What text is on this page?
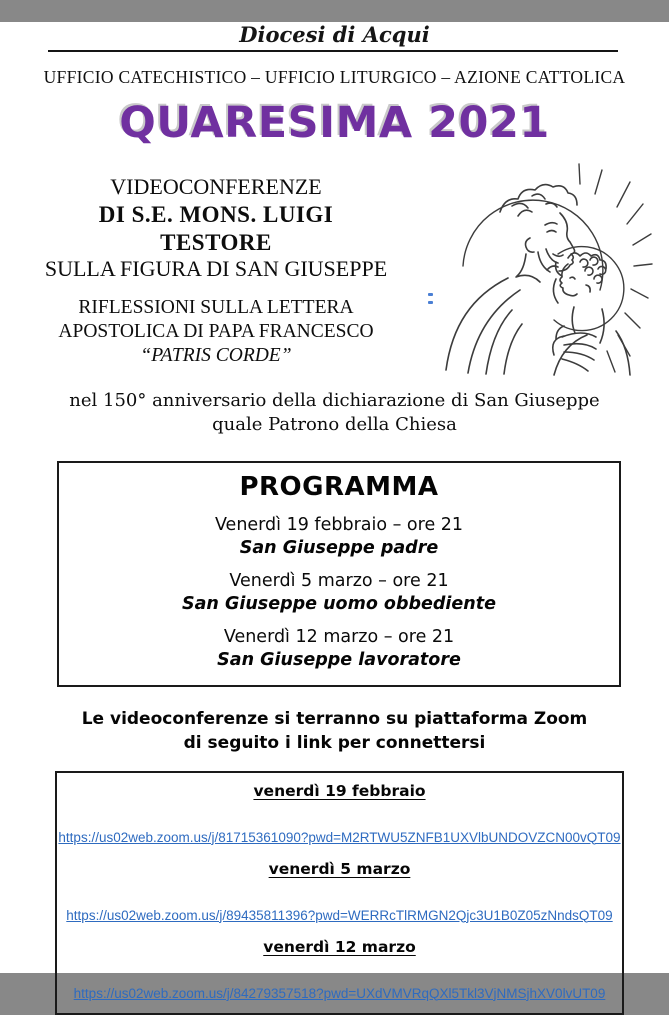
Diocesi di Acqui
UFFICIO CATECHISTICO – UFFICIO LITURGICO – AZIONE CATTOLICA
QUARESIMA 2021
VIDEOCONFERENZE
DI S.E. MONS. LUIGI
TESTORE
SULLA FIGURA DI SAN GIUSEPPE
RIFLESSIONI SULLA LETTERA
APOSTOLICA DI PAPA FRANCESCO
“PATRIS CORDE”
nel 150° anniversario della dichiarazione di San Giuseppe
quale Patrono della Chiesa
PROGRAMMA
Venerdì 19 febbraio – ore 21
San Giuseppe padre
Venerdì 5 marzo – ore 21
San Giuseppe uomo obbediente
Venerdì 12 marzo – ore 21
San Giuseppe lavoratore
Le videoconferenze si terranno su piattaforma Zoom
di seguito i link per connettersi
venerdì 19 febbraio

https://us02web.zoom.us/j/81715361090?pwd=M2RTWU5ZNFB1UXVlbUNDOVZCN00vQT09
venerdì 5 marzo

https://us02web.zoom.us/j/89435811396?pwd=WERRcTlRMGN2Qjc3U1B0Z05zNndsQT09
venerdì 12 marzo

https://us02web.zoom.us/j/84279357518?pwd=UXdVMVRqQXl5Tkl3VjNMSjhXV0lvUT09
